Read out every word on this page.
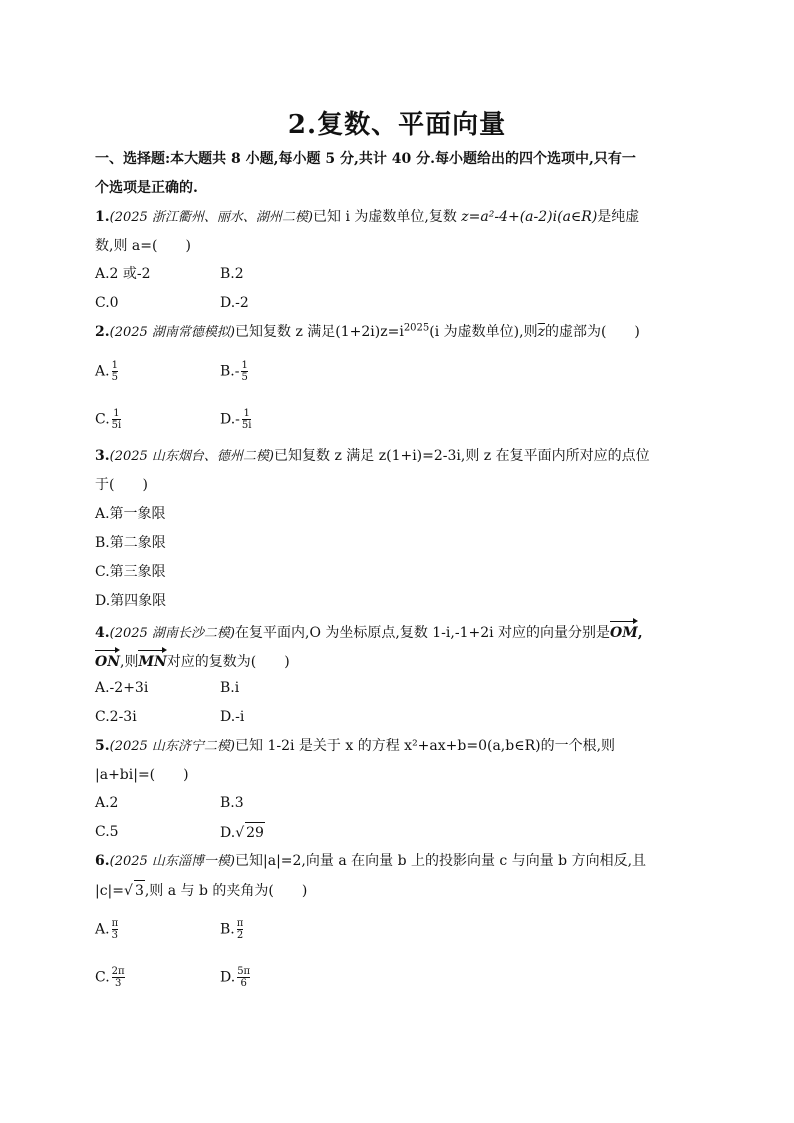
2.复数、平面向量
一、选择题:本大题共 8 小题,每小题 5 分,共计 40 分.每小题给出的四个选项中,只有一
个选项是正确的.
1.(2025 浙江衢州、丽水、湖州二模)已知 i 为虚数单位,复数 z=a²-4+(a-2)i(a∈R)是纯虚
数,则 a=(　　)
A.2 或-2	B.2
C.0	D.-2
2.(2025 湖南常德模拟)已知复数 z 满足$(1+2i)z=i^{2025}(i$ 为虚数单位),则$\overline{z}$的虚部为(　　)
A. $\frac{1}{5}$	$B.- \frac{1}{5}$
C. $\frac{1}{5i}$	$D.- \frac{1}{5i}$
3.(2025 山东烟台、德州二模)已知复数 z 满足 z(1+i)=2-3i,则 z 在复平面内所对应的点位
于(　　)
A.第一象限
B.第二象限
C.第三象限
D.第四象限
4.(2025 湖南长沙二模)在复平面内,O 为坐标原点,复数 1-i,-1+2i 对应的向量分别是OM,
ON,则MN对应的复数为(　　)
A.-2+3i	B.i
C.2-3i	D.-i
5.(2025 山东济宁二模)已知 1-2i 是关于 x 的方程 x²+ax+b=0(a,b∈R)的一个根,则
|a+bi|=(　　)
A.2	B.3
C.5	D.√ 29
6.(2025 山东淄博一模)已知|a|=2,向量 a 在向量 b 上的投影向量 c 与向量 b 方向相反,且
|c|=√ 3,则 a 与 b 的夹角为(　　)
A. $\frac{\pi}{3}$	B. $\frac{\pi}{2}$
C. $\frac{2\pi}{3}$	D. $\frac{5\pi}{6}$
